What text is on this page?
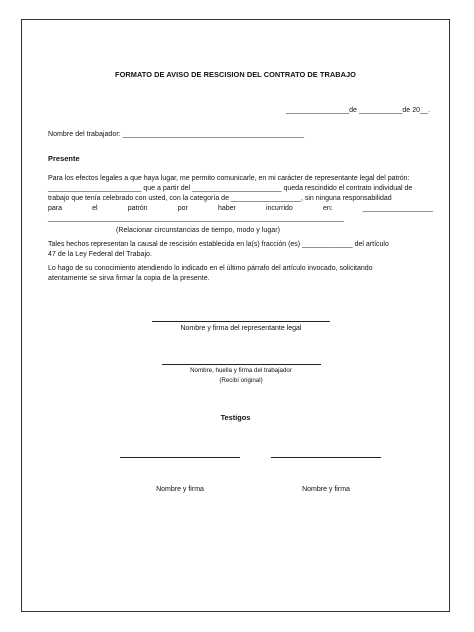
FORMATO DE AVISO DE RESCISION DEL CONTRATO DE TRABAJO
________________de ___________de 20__.
Nombre del trabajador: ______________________________________________
Presente
Para los efectos legales a que haya lugar, me permito comunicarle, en mi carácter de representante legal del patrón:
________________________ que a partir del _______________________ queda rescindido el contrato individual de
trabajo que tenía celebrado con usted, con la categoría de __________________, sin ninguna responsabilidad
para	el	patrón	por	haber	incurrido	en:	__________________
____________________________________________________________________________
(Relacionar circunstancias de tiempo, modo y lugar)
Tales hechos representan la causal de rescisión establecida en la(s) fracción (es) _____________ del artículo
47 de la Ley Federal del Trabajo.
Lo hago de su conocimiento atendiendo lo indicado en el último párrafo del artículo invocado, solicitando
atentamente se sirva firmar la copia de la presente.
Nombre y firma del representante legal
Nombre, huella y firma del trabajador
(Recibí original)
Testigos
Nombre y firma	Nombre y firma
